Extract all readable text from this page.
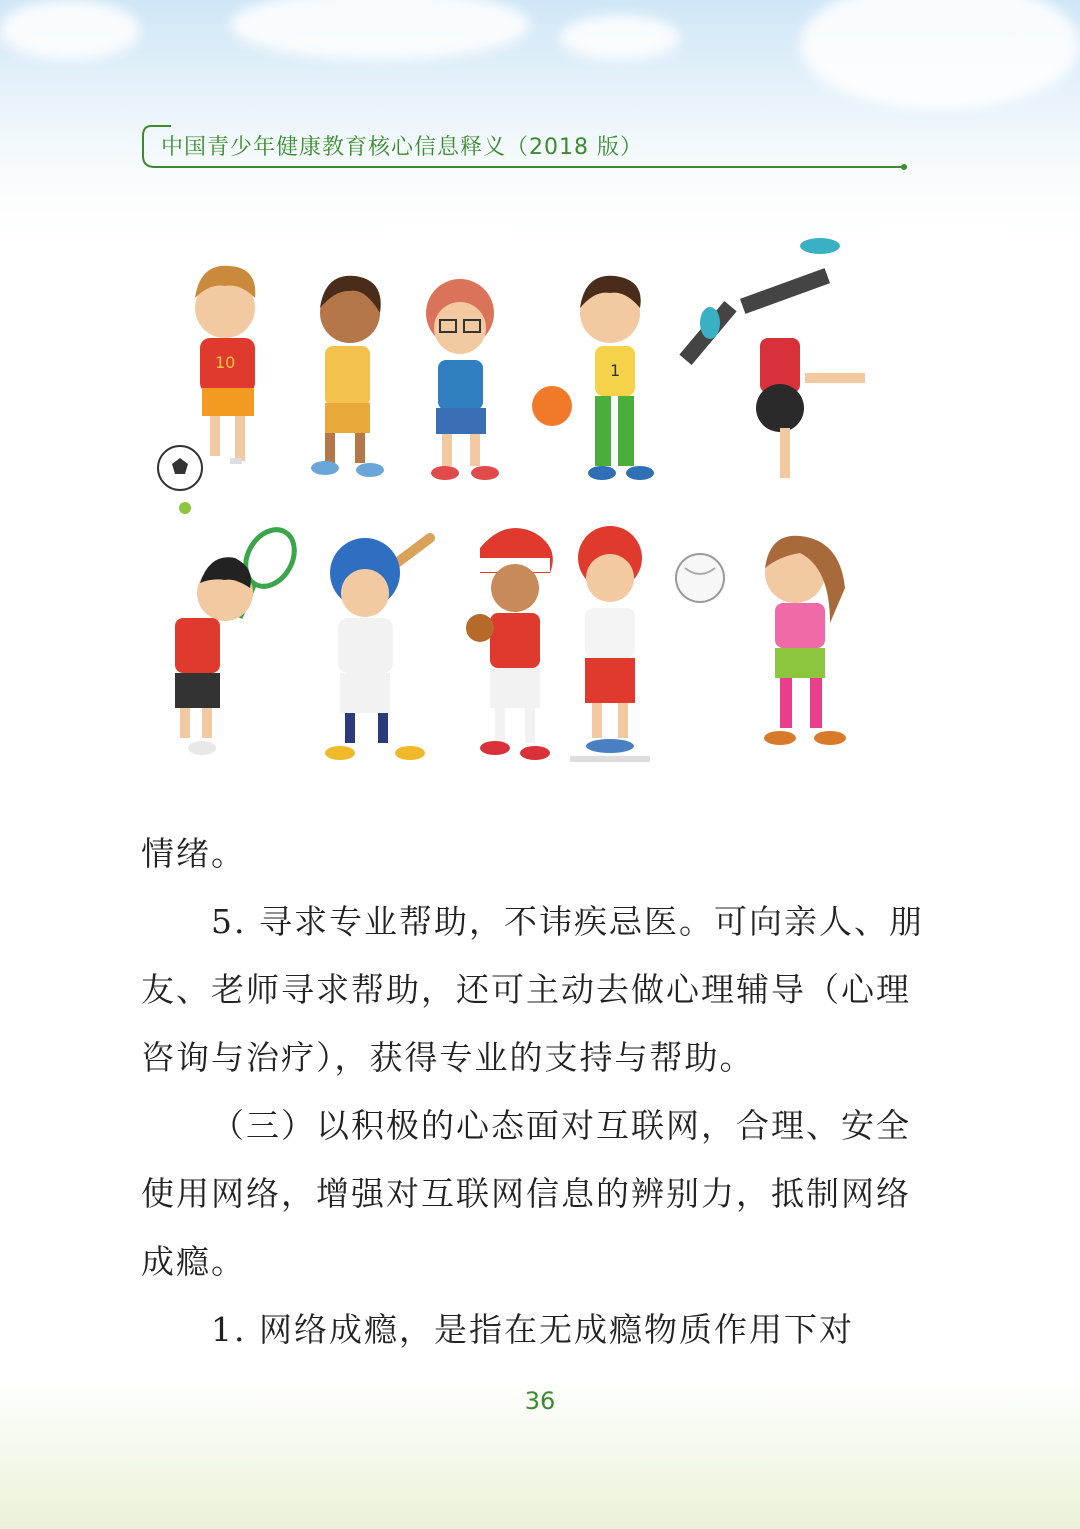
中国青少年健康教育核心信息释义（2018 版）
10	1
情绪。
5. 寻求专业帮助，不讳疾忌医。可向亲人、朋
友、老师寻求帮助，还可主动去做心理辅导（心理
咨询与治疗），获得专业的支持与帮助。
（三）以积极的心态面对互联网，合理、安全
使用网络，增强对互联网信息的辨别力，抵制网络
成瘾。
1. 网络成瘾，是指在无成瘾物质作用下对
36
